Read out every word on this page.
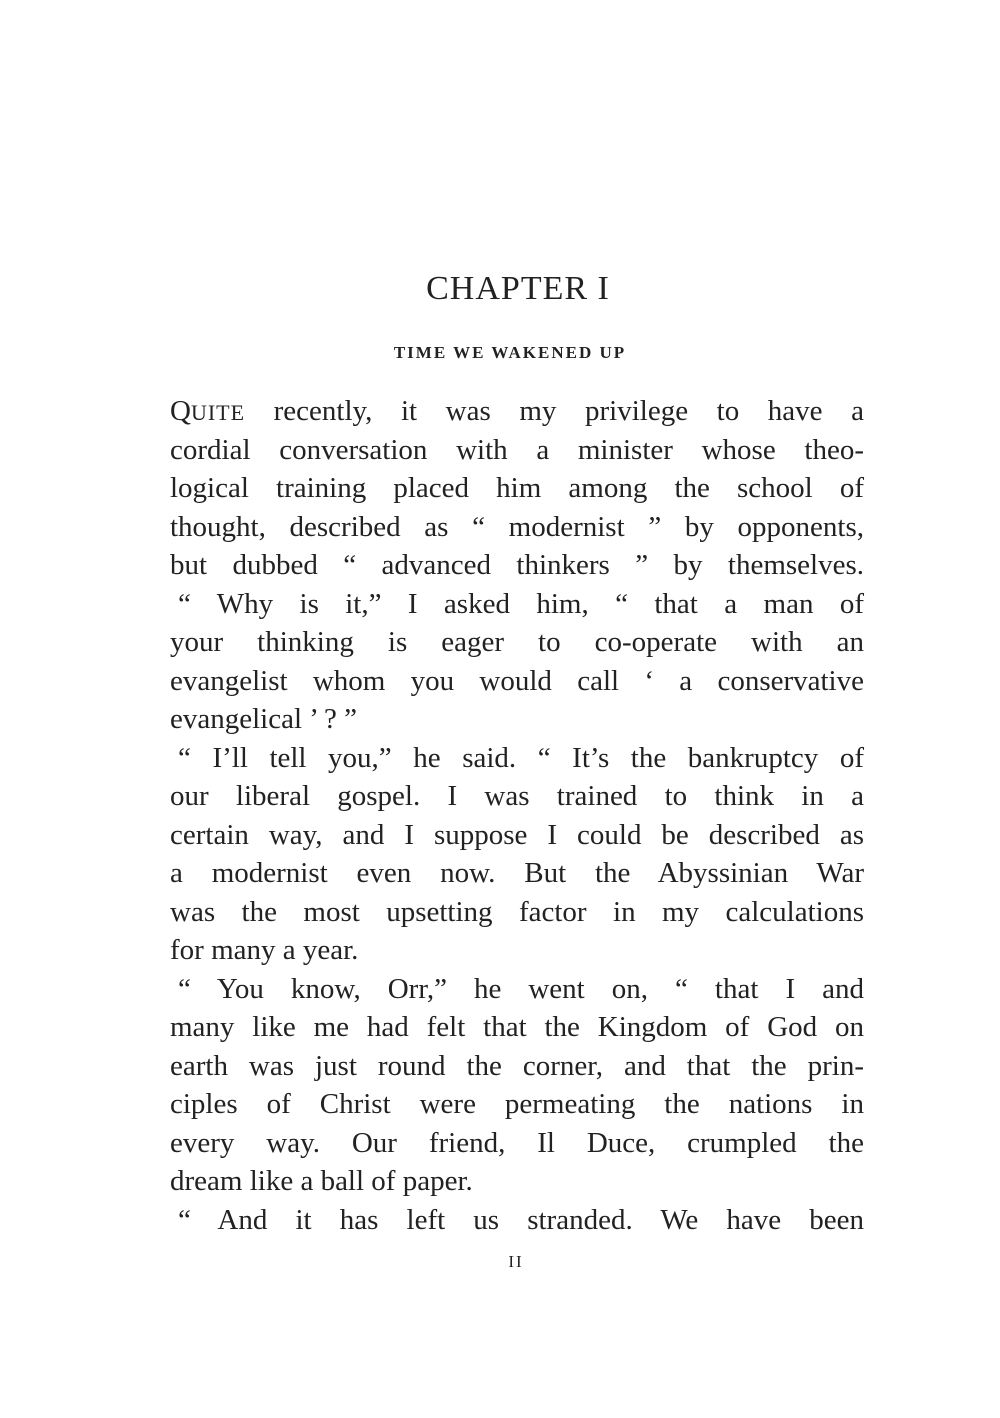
CHAPTER I
TIME WE WAKENED UP
QUITE recently, it was my privilege to have a
cordial conversation with a minister whose theo-
logical training placed him among the school of
thought, described as “ modernist ” by opponents,
but dubbed “ advanced thinkers ” by themselves.
“ Why is it,” I asked him, “ that a man of
your thinking is eager to co-operate with an
evangelist whom you would call ‘ a conservative
evangelical ’ ? ”
“ I’ll tell you,” he said. “ It’s the bankruptcy of
our liberal gospel. I was trained to think in a
certain way, and I suppose I could be described as
a modernist even now. But the Abyssinian War
was the most upsetting factor in my calculations
for many a year.
“ You know, Orr,” he went on, “ that I and
many like me had felt that the Kingdom of God on
earth was just round the corner, and that the prin-
ciples of Christ were permeating the nations in
every way. Our friend, Il Duce, crumpled the
dream like a ball of paper.
“ And it has left us stranded. We have been
II
